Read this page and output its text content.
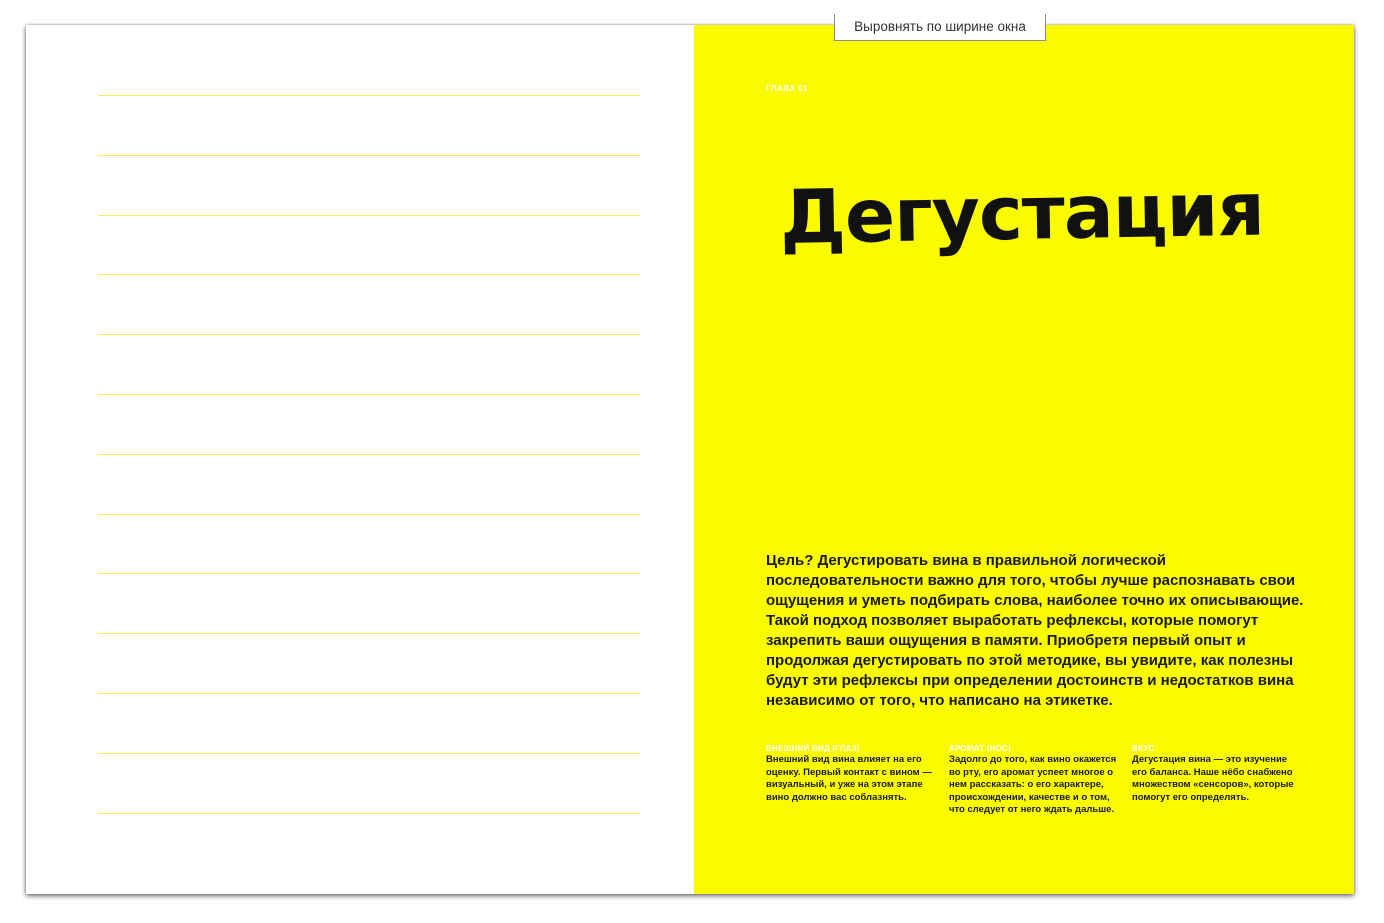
ГЛАВА 01
Дегустация
Цель? Дегустировать вина в правильной логической последовательности важно для того, чтобы лучше распознавать свои ощущения и уметь подбирать слова, наиболее точно их описывающие. Такой подход позволяет выработать рефлексы, которые помогут закрепить ваши ощущения в памяти. Приобретя первый опыт и продолжая дегустировать по этой методике, вы увидите, как полезны будут эти рефлексы при определении достоинств и недостатков вина независимо от того, что написано на этикетке.
ВНЕШНИЙ ВИД (ГЛАЗ)
Внешний вид вина влияет на его оценку. Первый контакт с вином — визуальный, и уже на этом этапе вино должно вас соблазнять.
АРОМАТ (НОС)
Задолго до того, как вино окажется во рту, его аромат успеет многое о нем рассказать: о его характере, происхождении, качестве и о том, что следует от него ждать дальше.
ВКУС
Дегустация вина — это изучение его баланса. Наше нёбо снабжено множеством «сенсоров», которые помогут его определять.
Выровнять по ширине окна
